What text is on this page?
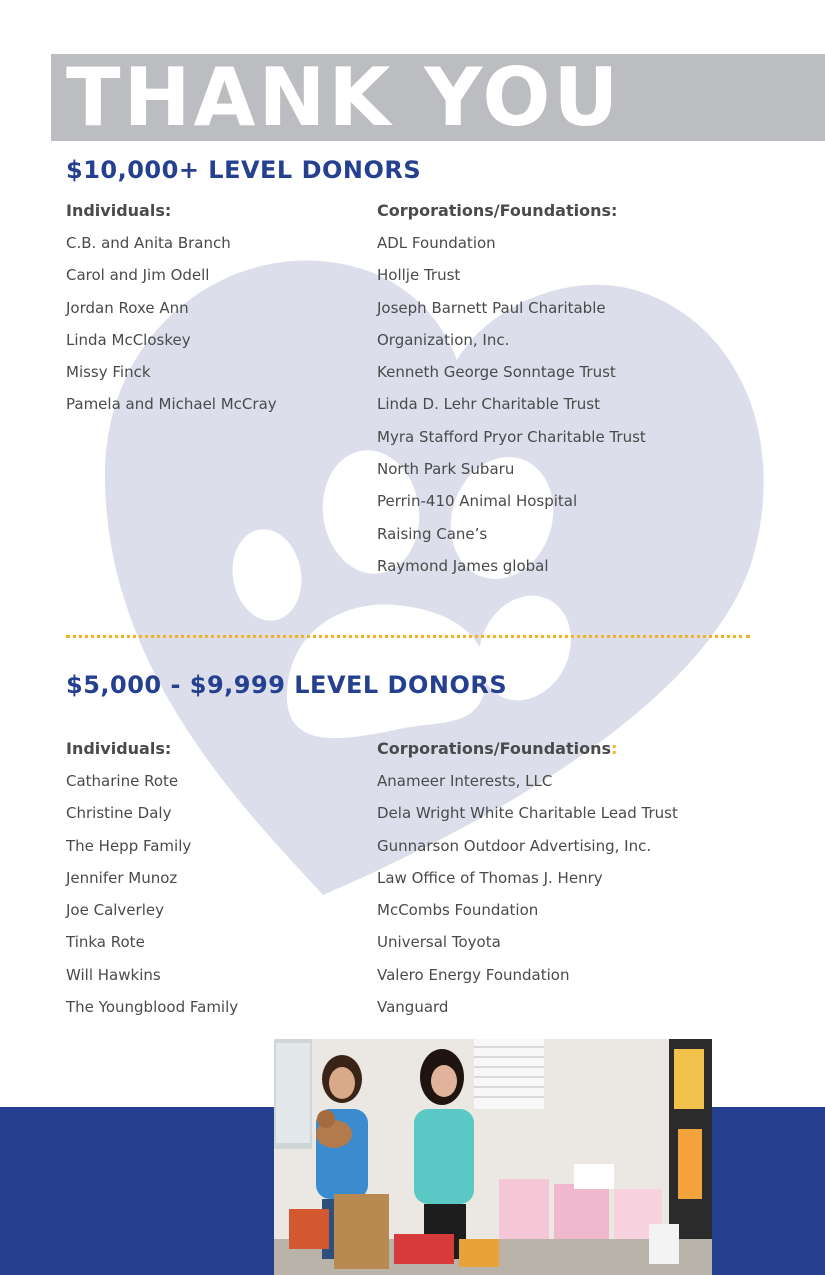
THANK YOU
$10,000+ LEVEL DONORS
Individuals:	Corporations/Foundations:
C.B. and Anita Branch
Carol and Jim Odell
Jordan Roxe Ann
Linda McCloskey
Missy Finck
Pamela and Michael McCray
ADL Foundation
Hollje Trust
Joseph Barnett Paul Charitable
Organization, Inc.
Kenneth George Sonntage Trust
Linda D. Lehr Charitable Trust
Myra Stafford Pryor Charitable Trust
North Park Subaru
Perrin-410 Animal Hospital
Raising Cane’s
Raymond James global
$5,000 - $9,999 LEVEL DONORS
Individuals:	Corporations/Foundations:
Catharine Rote
Christine Daly
The Hepp Family
Jennifer Munoz
Joe Calverley
Tinka Rote
Will Hawkins
The Youngblood Family
Anameer Interests, LLC
Dela Wright White Charitable Lead Trust
Gunnarson Outdoor Advertising, Inc.
Law Office of Thomas J. Henry
McCombs Foundation
Universal Toyota
Valero Energy Foundation
Vanguard
